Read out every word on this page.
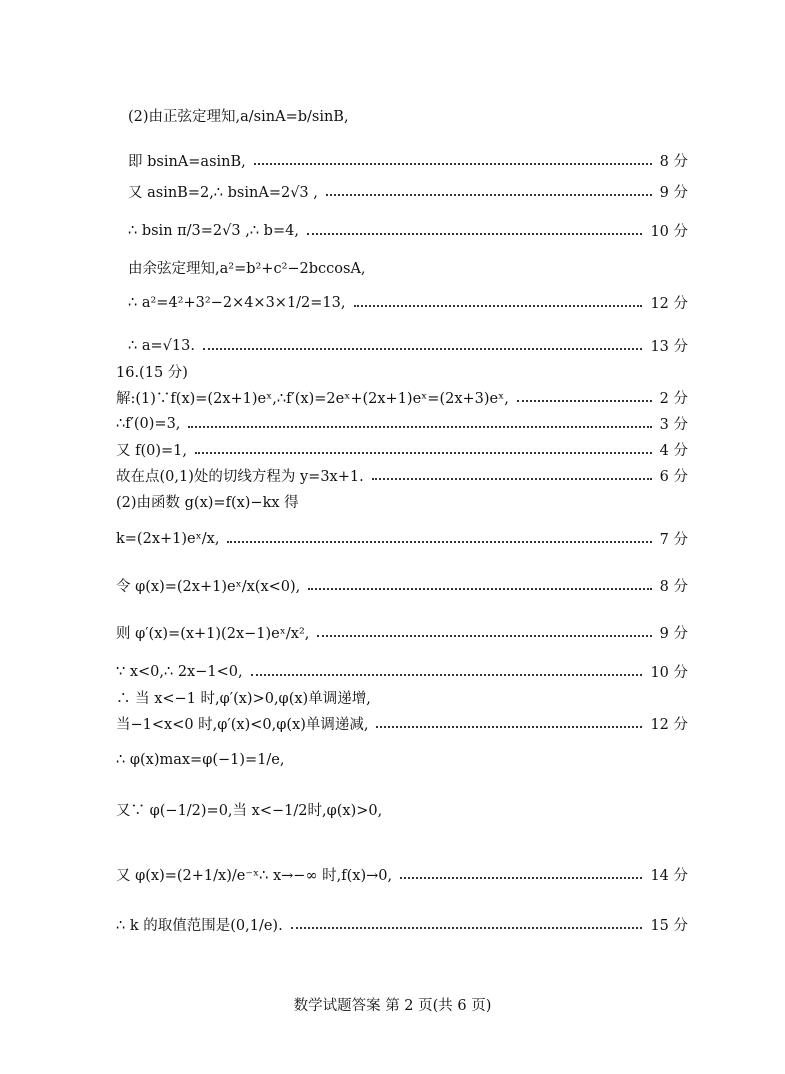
(2)由正弦定理知,a/sinA=b/sinB,
即 bsinA=asinB,	8 分
又 asinB=2,∴ bsinA=2√3 ,	9 分
∴ bsin π/3=2√3 ,∴ b=4,	10 分
由余弦定理知,a²=b²+c²−2bccosA,
∴ a²=4²+3²−2×4×3×1/2=13,	12 分
∴ a=√13.	13 分
16.(15 分)
解:(1)∵f(x)=(2x+1)eˣ,∴f′(x)=2eˣ+(2x+1)eˣ=(2x+3)eˣ,	2 分
∴f′(0)=3,	3 分
又 f(0)=1,	4 分
故在点(0,1)处的切线方程为 y=3x+1.	6 分
(2)由函数 g(x)=f(x)−kx 得
k=(2x+1)eˣ/x,	7 分
令 φ(x)=(2x+1)eˣ/x(x<0),	8 分
则 φ′(x)=(x+1)(2x−1)eˣ/x²,	9 分
∵ x<0,∴ 2x−1<0,	10 分
∴ 当 x<−1 时,φ′(x)>0,φ(x)单调递增,
当−1<x<0 时,φ′(x)<0,φ(x)单调递减,	12 分
∴ φ(x)max=φ(−1)=1/e,
又∵ φ(−1/2)=0,当 x<−1/2时,φ(x)>0,
又 φ(x)=(2+1/x)/e⁻ˣ∴ x→−∞ 时,f(x)→0,	14 分
∴ k 的取值范围是(0,1/e).	15 分
数学试题答案 第 2 页(共 6 页)
